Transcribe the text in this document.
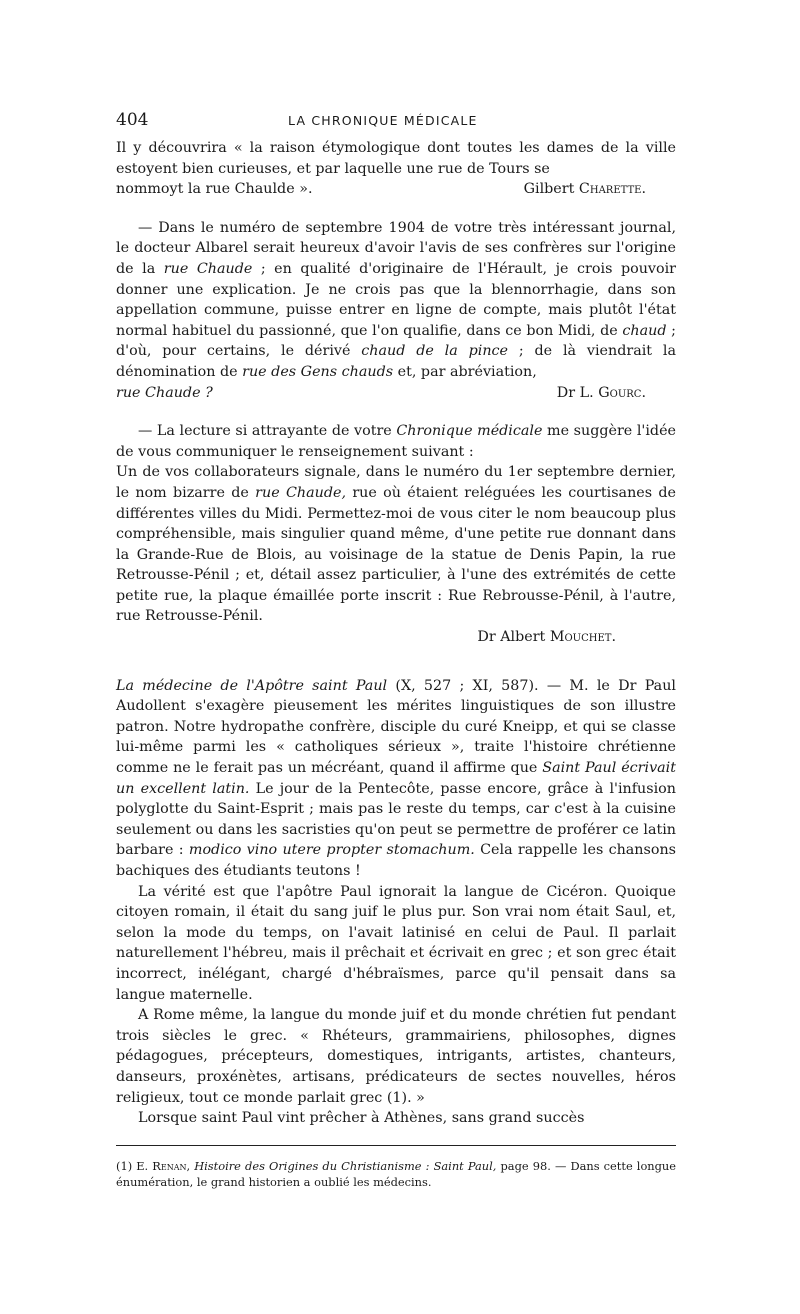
404	LA CHRONIQUE MÉDICALE

Il y découvrira « la raison étymologique dont toutes les dames de la ville estoyent bien curieuses, et par laquelle une rue de Tours se

nommoyt la rue Chaulde ».	Gilbert Charette.

— Dans le numéro de septembre 1904 de votre très intéressant journal, le docteur Albarel serait heureux d'avoir l'avis de ses confrères sur l'origine de la rue Chaude ; en qualité d'originaire de l'Hérault, je crois pouvoir donner une explication. Je ne crois pas que la blennorrhagie, dans son appellation commune, puisse entrer en ligne de compte, mais plutôt l'état normal habituel du passionné, que l'on qualifie, dans ce bon Midi, de chaud ; d'où, pour certains, le dérivé chaud de la pince ; de là viendrait la dénomination de rue des Gens chauds et, par abréviation,

rue Chaude ?	Dr L. Gourc.

— La lecture si attrayante de votre Chronique médicale me suggère l'idée de vous communiquer le renseignement suivant :

Un de vos collaborateurs signale, dans le numéro du 1er septembre dernier, le nom bizarre de rue Chaude, rue où étaient reléguées les courtisanes de différentes villes du Midi. Permettez-moi de vous citer le nom beaucoup plus compréhensible, mais singulier quand même, d'une petite rue donnant dans la Grande-Rue de Blois, au voisinage de la statue de Denis Papin, la rue Retrousse-Pénil ; et, détail assez particulier, à l'une des extrémités de cette petite rue, la plaque émaillée porte inscrit : Rue Rebrousse-Pénil, à l'autre, rue Retrousse-Pénil.

Dr Albert Mouchet.

La médecine de l'Apôtre saint Paul (X, 527 ; XI, 587). — M. le Dr Paul Audollent s'exagère pieusement les mérites linguistiques de son illustre patron. Notre hydropathe confrère, disciple du curé Kneipp, et qui se classe lui-même parmi les « catholiques sérieux », traite l'histoire chrétienne comme ne le ferait pas un mécréant, quand il affirme que Saint Paul écrivait un excellent latin. Le jour de la Pentecôte, passe encore, grâce à l'infusion polyglotte du Saint-Esprit ; mais pas le reste du temps, car c'est à la cuisine seulement ou dans les sacristies qu'on peut se permettre de proférer ce latin barbare : modico vino utere propter stomachum. Cela rappelle les chansons bachiques des étudiants teutons !

La vérité est que l'apôtre Paul ignorait la langue de Cicéron. Quoique citoyen romain, il était du sang juif le plus pur. Son vrai nom était Saul, et, selon la mode du temps, on l'avait latinisé en celui de Paul. Il parlait naturellement l'hébreu, mais il prêchait et écrivait en grec ; et son grec était incorrect, inélégant, chargé d'hébraïsmes, parce qu'il pensait dans sa langue maternelle.

A Rome même, la langue du monde juif et du monde chrétien fut pendant trois siècles le grec. « Rhéteurs, grammairiens, philosophes, dignes pédagogues, précepteurs, domestiques, intrigants, artistes, chanteurs, danseurs, proxénètes, artisans, prédicateurs de sectes nouvelles, héros religieux, tout ce monde parlait grec (1). »

Lorsque saint Paul vint prêcher à Athènes, sans grand succès

(1) E. Renan, Histoire des Origines du Christianisme : Saint Paul, page 98. — Dans cette longue énumération, le grand historien a oublié les médecins.
